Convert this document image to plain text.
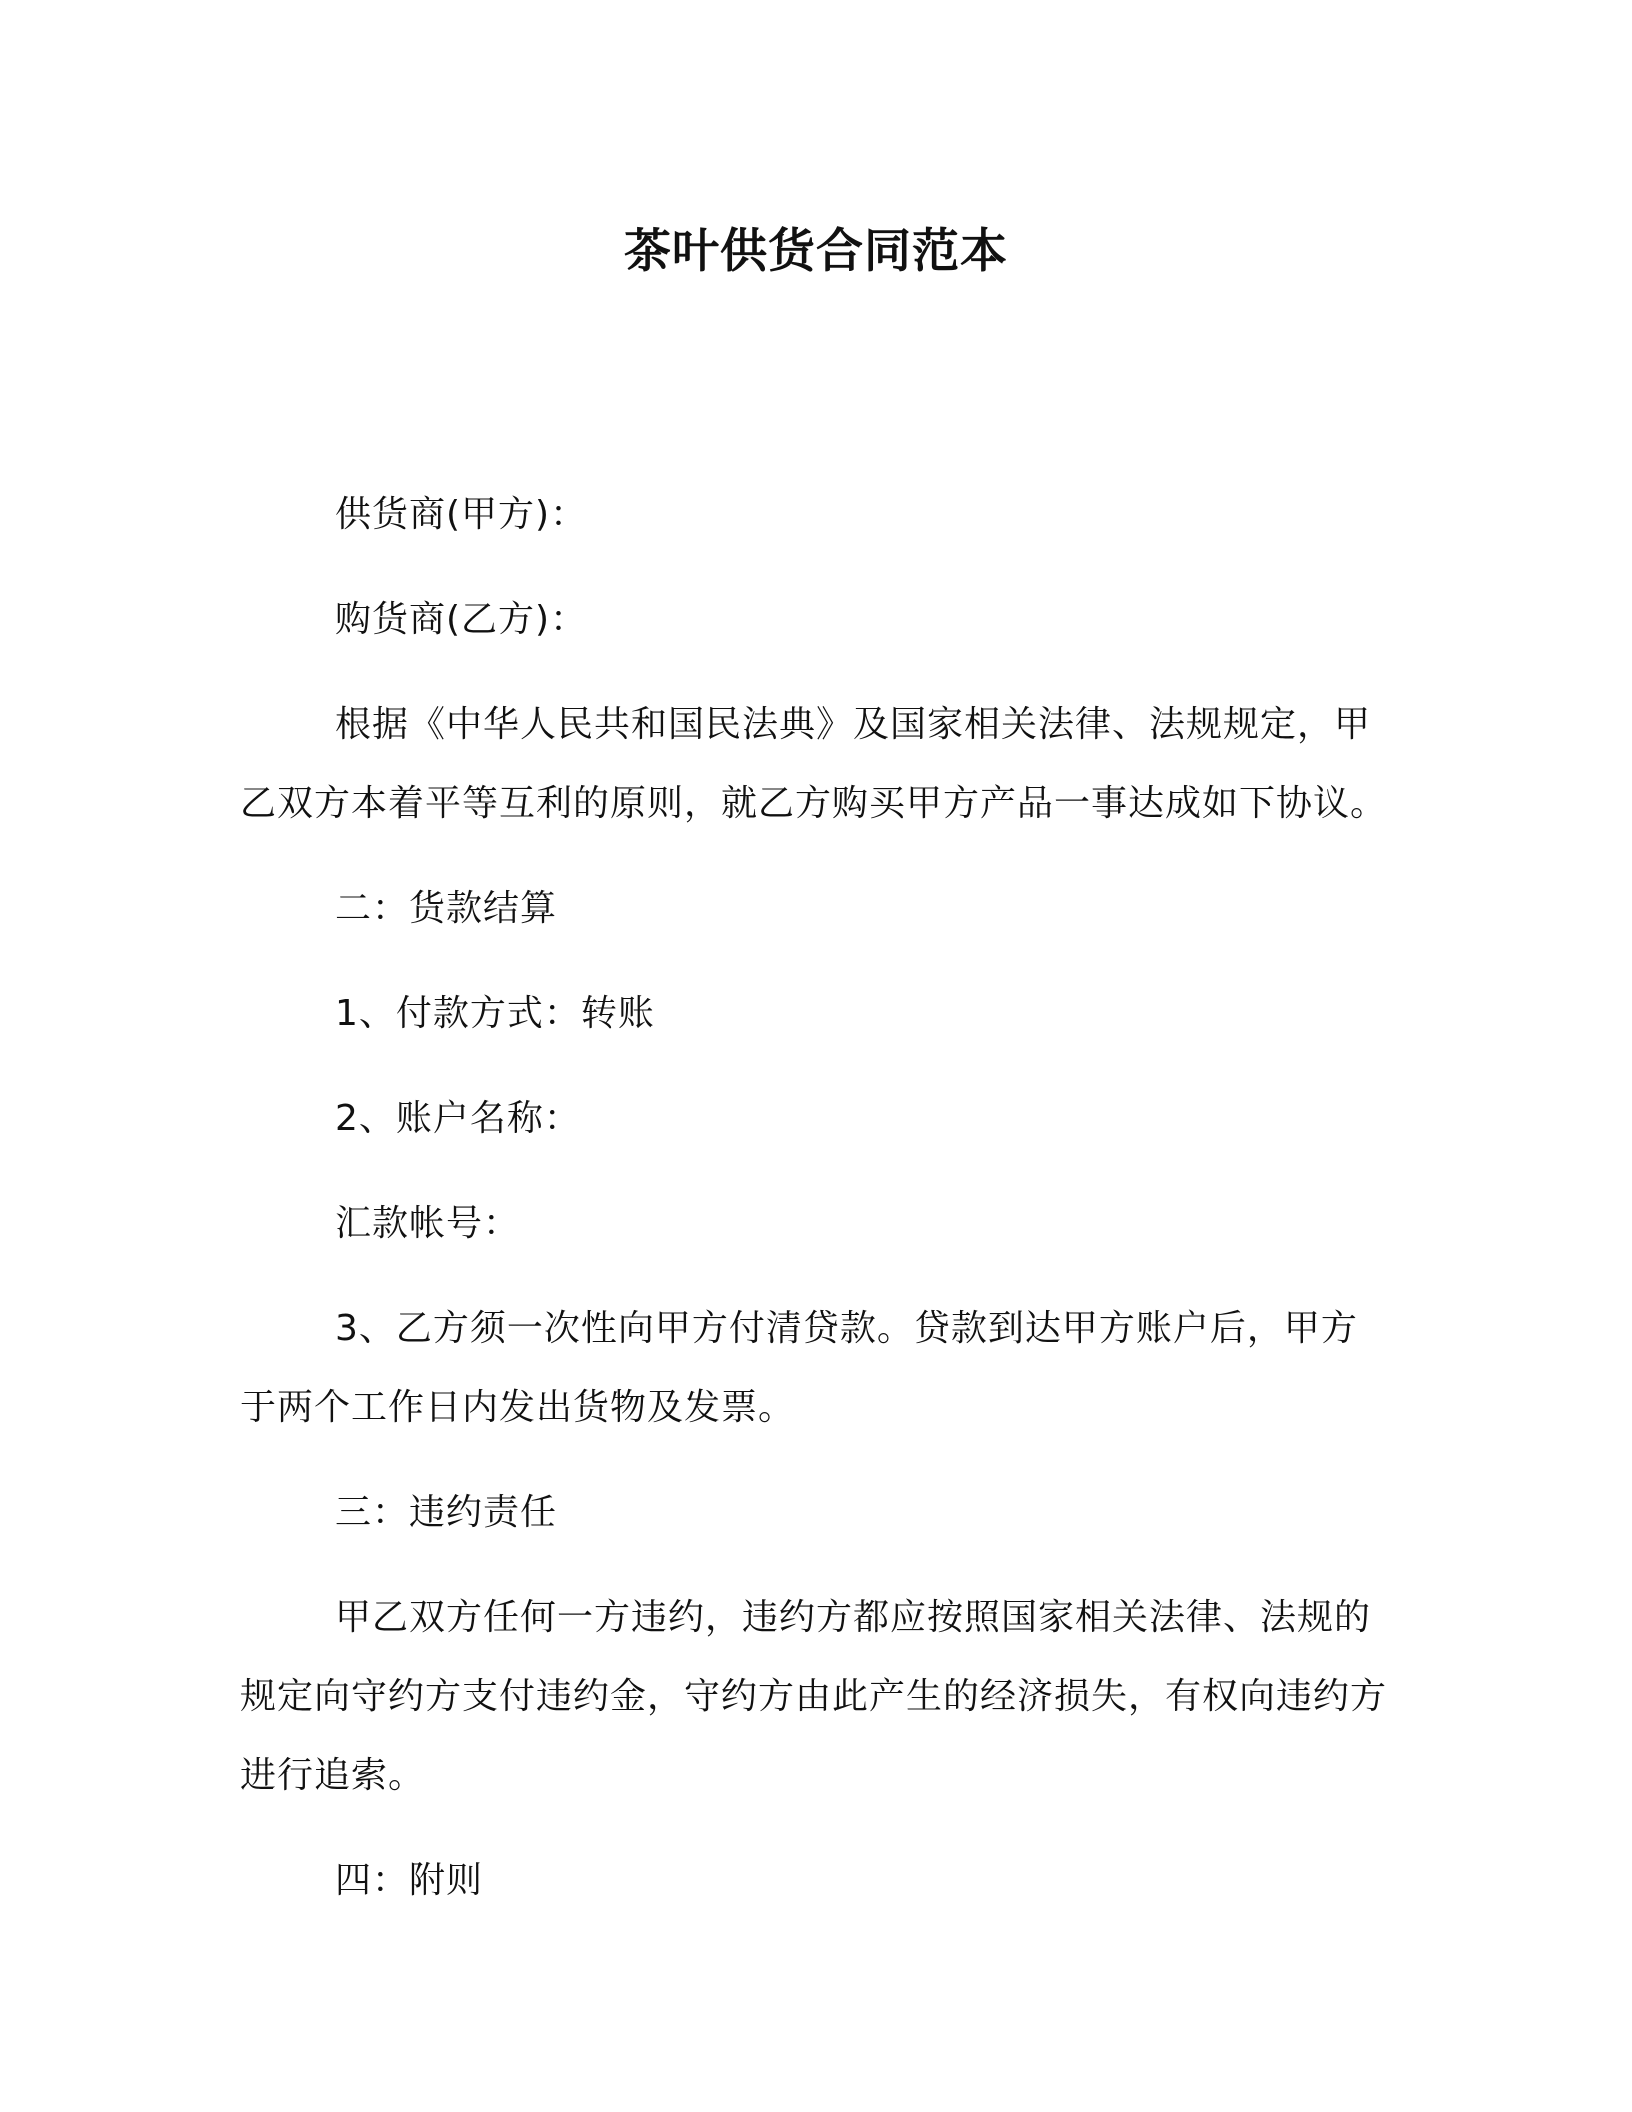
茶叶供货合同范本

供货商(甲方)：

购货商(乙方)：

根据《中华人民共和国民法典》及国家相关法律、法规规定，甲乙双方本着平等互利的原则，就乙方购买甲方产品一事达成如下协议。

二：货款结算

1、付款方式：转账

2、账户名称：

汇款帐号：

3、乙方须一次性向甲方付清贷款。贷款到达甲方账户后，甲方于两个工作日内发出货物及发票。

三：违约责任

甲乙双方任何一方违约，违约方都应按照国家相关法律、法规的规定向守约方支付违约金，守约方由此产生的经济损失，有权向违约方进行追索。

四：附则
